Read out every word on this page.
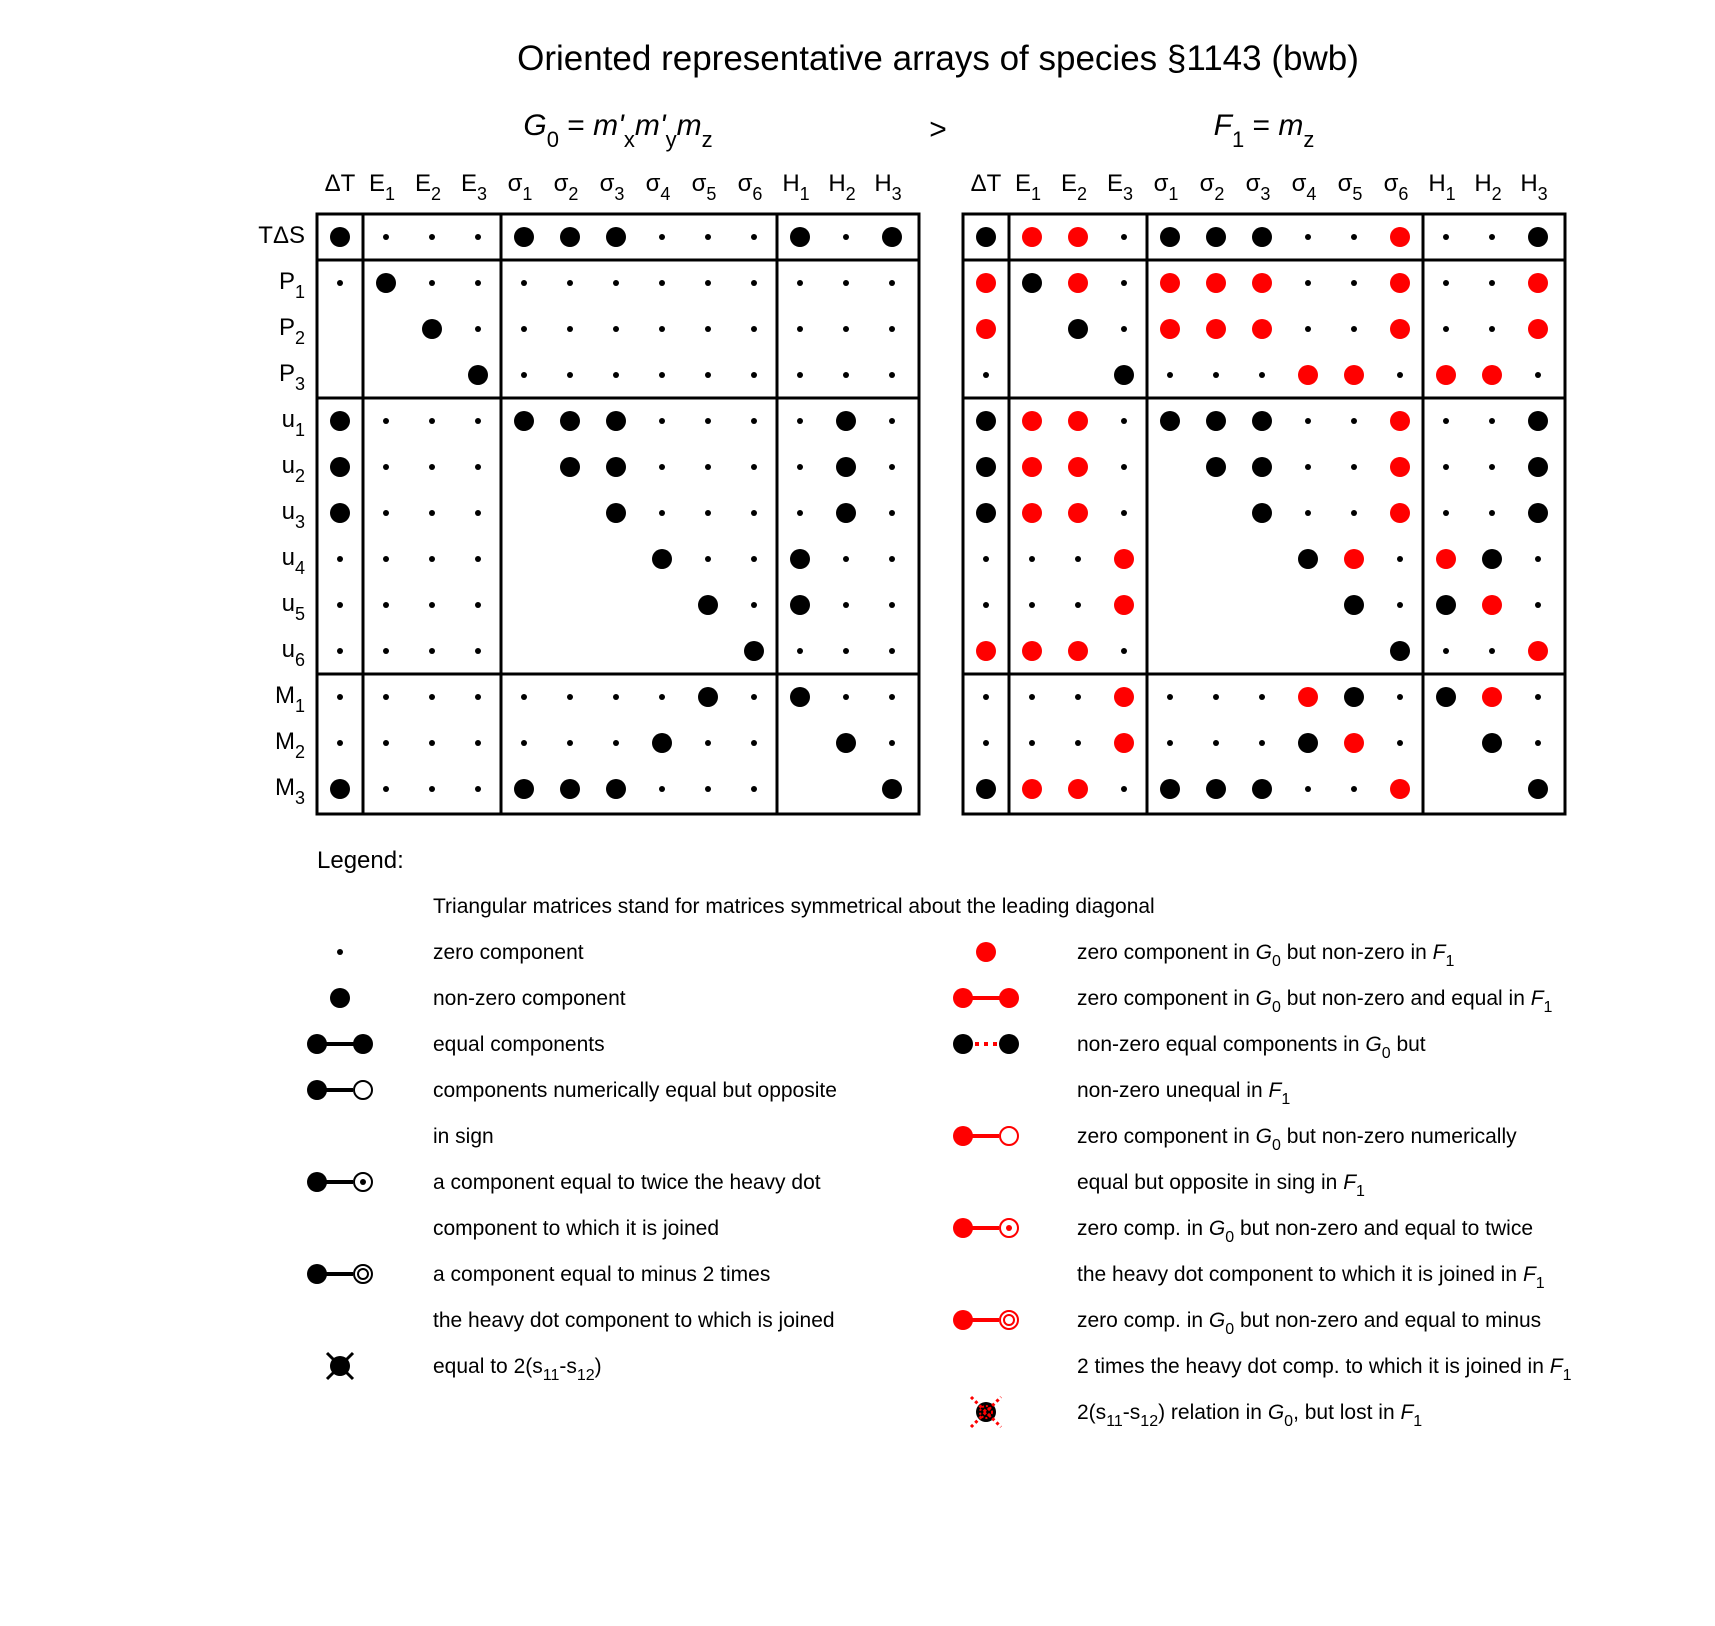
Oriented representative arrays of species §1143 (bwb)
>
$G_0 = m'_xm'_ym_z$
ΔT $E_1$ $E_2$ $E_3$ $\sigma_1$ $\sigma_2$ $\sigma_3$ $\sigma_4$ $\sigma_5$ $\sigma_6$ $H_1$ $H_2$ $H_3$
TΔS
$P_1$
$P_2$
$P_3$
$u_1$
$u_2$
$u_3$
$u_4$
$u_5$
$u_6$
$M_1$
$M_2$
$M_3$
$F_1 = m_z$
ΔT $E_1$ $E_2$ $E_3$ $\sigma_1$ $\sigma_2$ $\sigma_3$ $\sigma_4$ $\sigma_5$ $\sigma_6$ $H_1$ $H_2$ $H_3$
Legend:
Triangular matrices stand for matrices symmetrical about the leading diagonal
zero component
non-zero component
equal components
components numerically equal but opposite
in sign
a component equal to twice the heavy dot
component to which it is joined
a component equal to minus 2 times
the heavy dot component to which is joined
equal to $2(s_{11}-s_{12})$
zero component in $G_0$ but non-zero in $F_1$
zero component in $G_0$ but non-zero and equal in $F_1$
non-zero equal components in $G_0$ but
non-zero unequal in $F_1$
zero component in $G_0$ but non-zero numerically
equal but opposite in sing in $F_1$
zero comp. in $G_0$ but non-zero and equal to twice
the heavy dot component to which it is joined in $F_1$
zero comp. in $G_0$ but non-zero and equal to minus
2 times the heavy dot comp. to which it is joined in $F_1$
$2(s_{11}-s_{12})$ relation in $G_0$, but lost in $F_1$
